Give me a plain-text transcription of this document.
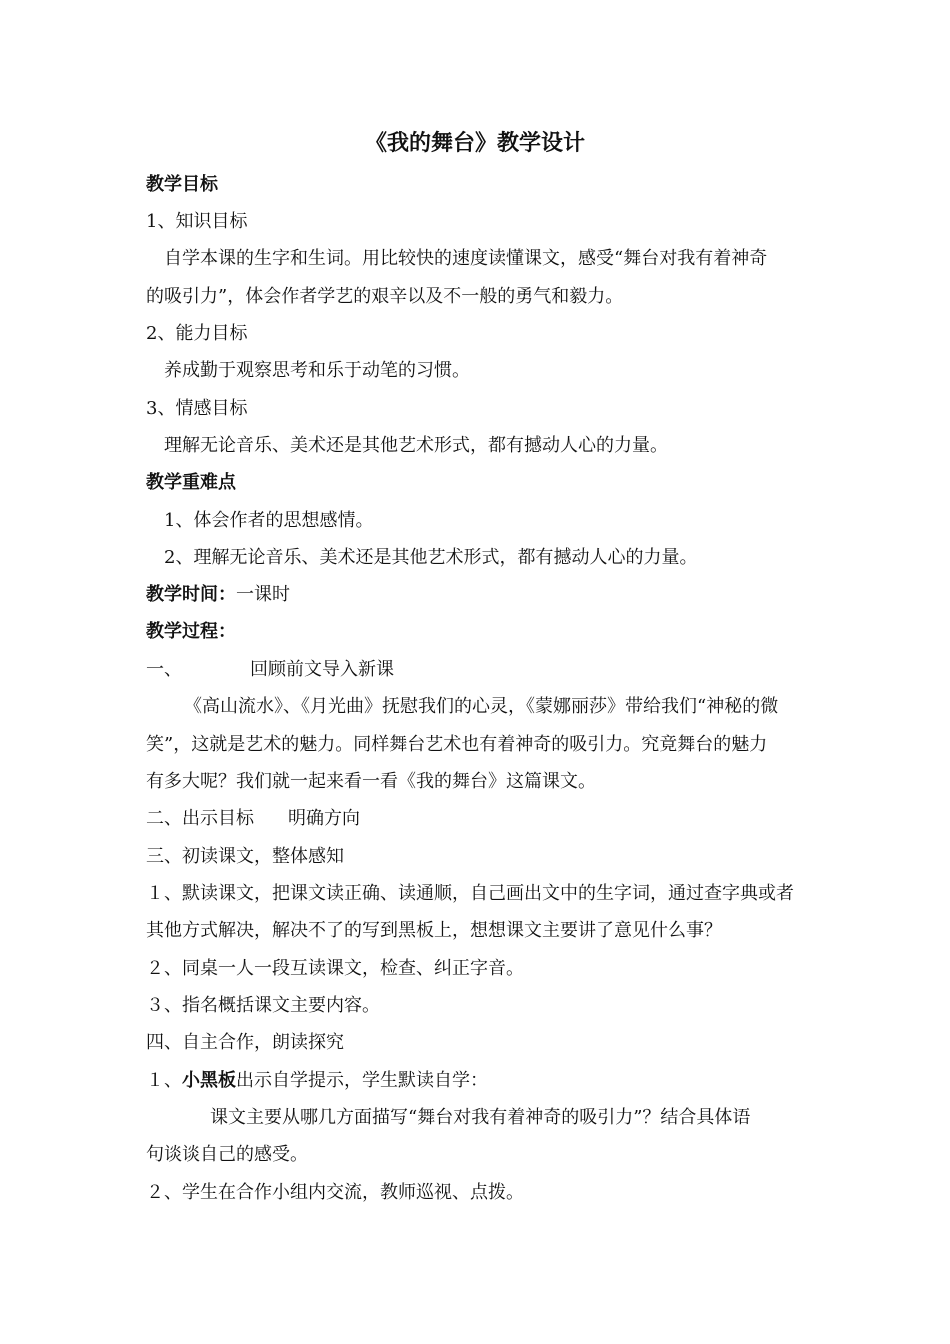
《我的舞台》教学设计
教学目标
1、知识目标
自学本课的生字和生词。用比较快的速度读懂课文，感受“舞台对我有着神奇
的吸引力”，体会作者学艺的艰辛以及不一般的勇气和毅力。
2、能力目标
养成勤于观察思考和乐于动笔的习惯。
3、情感目标
理解无论音乐、美术还是其他艺术形式，都有撼动人心的力量。
教学重难点
1、体会作者的思想感情。
2、理解无论音乐、美术还是其他艺术形式，都有撼动人心的力量。
教学时间：一课时
教学过程：
一、	回顾前文导入新课
《高山流水》、《月光曲》抚慰我们的心灵，《蒙娜丽莎》带给我们“神秘的微
笑”，这就是艺术的魅力。同样舞台艺术也有着神奇的吸引力。究竟舞台的魅力
有多大呢？我们就一起来看一看《我的舞台》这篇课文。
二、出示目标 明确方向
三、初读课文，整体感知
１、默读课文，把课文读正确、读通顺，自己画出文中的生字词，通过查字典或者
其他方式解决，解决不了的写到黑板上，想想课文主要讲了意见什么事？
２、同桌一人一段互读课文，检查、纠正字音。
３、指名概括课文主要内容。
四、自主合作，朗读探究
１、小黑板出示自学提示，学生默读自学：
课文主要从哪几方面描写“舞台对我有着神奇的吸引力”？结合具体语
句谈谈自己的感受。
２、学生在合作小组内交流，教师巡视、点拨。
